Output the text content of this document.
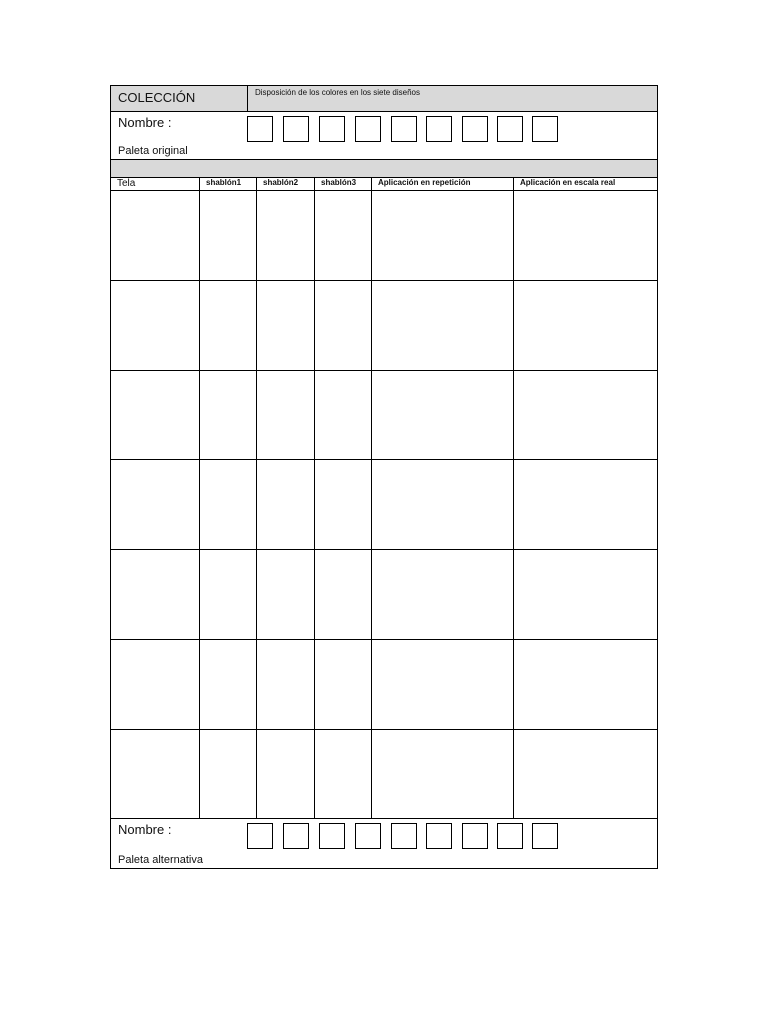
COLECCIÓN	Disposición de los colores en los siete diseños
Nombre :
Paleta original
Tela	shablón1	shablón2	shablón3	Aplicación en repetición	Aplicación en escala real
Nombre :
Paleta alternativa
